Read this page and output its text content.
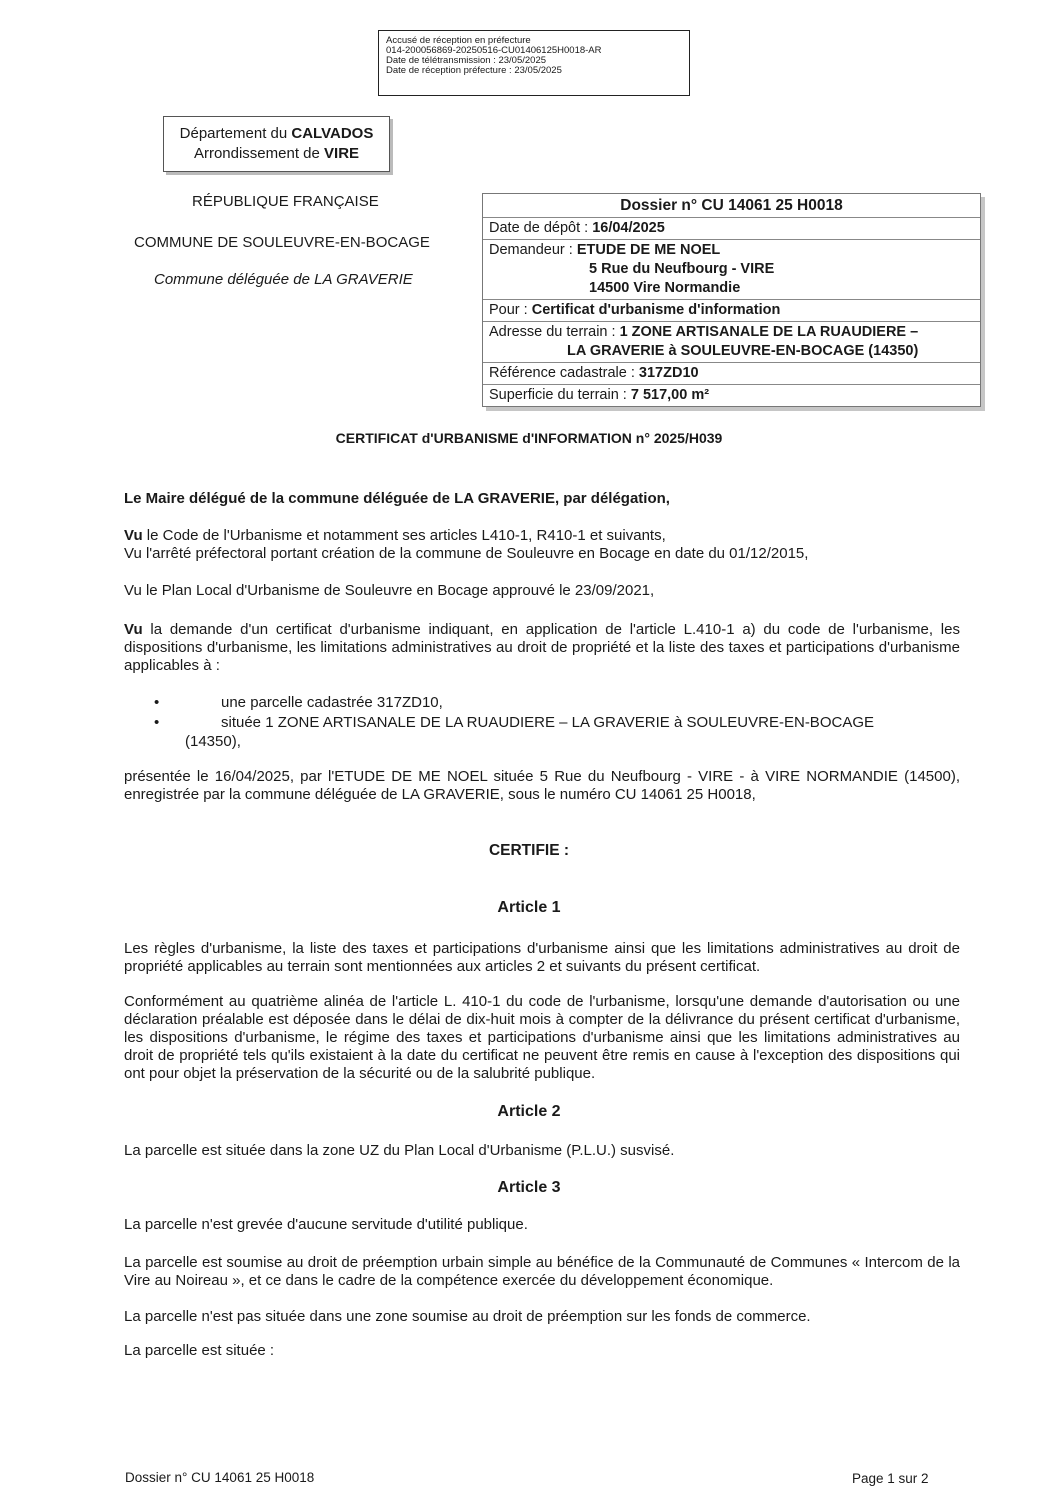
Accusé de réception en préfecture
014-200056869-20250516-CU01406125H0018-AR
Date de télétransmission : 23/05/2025
Date de réception préfecture : 23/05/2025
Département du CALVADOS
Arrondissement de VIRE
RÉPUBLIQUE FRANÇAISE
COMMUNE DE SOULEUVRE-EN-BOCAGE
Commune déléguée de LA GRAVERIE
Dossier n° CU 14061 25 H0018
Date de dépôt : 16/04/2025
Demandeur : ETUDE DE ME NOEL
5 Rue du Neufbourg - VIRE
14500 Vire Normandie
Pour : Certificat d'urbanisme d'information
Adresse du terrain : 1 ZONE ARTISANALE DE LA RUAUDIERE –
LA GRAVERIE à SOULEUVRE-EN-BOCAGE (14350)
Référence cadastrale : 317ZD10
Superficie du terrain : 7 517,00 m²
CERTIFICAT d'URBANISME d'INFORMATION n° 2025/H039
Le Maire délégué de la commune déléguée de LA GRAVERIE, par délégation,
Vu le Code de l'Urbanisme et notamment ses articles L410-1, R410-1 et suivants,
Vu l'arrêté préfectoral portant création de la commune de Souleuvre en Bocage en date du 01/12/2015,
Vu le Plan Local d'Urbanisme de Souleuvre en Bocage approuvé le 23/09/2021,
Vu la demande d'un certificat d'urbanisme indiquant, en application de l'article L.410-1 a) du code de l'urbanisme, les dispositions d'urbanisme, les limitations administratives au droit de propriété et la liste des taxes et participations d'urbanisme applicables à :
•	une parcelle cadastrée 317ZD10,
•	située 1 ZONE ARTISANALE DE LA RUAUDIERE – LA GRAVERIE à SOULEUVRE-EN-BOCAGE
(14350),
présentée le 16/04/2025, par l'ETUDE DE ME NOEL située 5 Rue du Neufbourg - VIRE - à VIRE NORMANDIE (14500), enregistrée par la commune déléguée de LA GRAVERIE, sous le numéro CU 14061 25 H0018,
CERTIFIE :
Article 1
Les règles d'urbanisme, la liste des taxes et participations d'urbanisme ainsi que les limitations administratives au droit de propriété applicables au terrain sont mentionnées aux articles 2 et suivants du présent certificat.
Conformément au quatrième alinéa de l'article L. 410-1 du code de l'urbanisme, lorsqu'une demande d'autorisation ou une déclaration préalable est déposée dans le délai de dix-huit mois à compter de la délivrance du présent certificat d'urbanisme, les dispositions d'urbanisme, le régime des taxes et participations d'urbanisme ainsi que les limitations administratives au droit de propriété tels qu'ils existaient à la date du certificat ne peuvent être remis en cause à l'exception des dispositions qui ont pour objet la préservation de la sécurité ou de la salubrité publique.
Article 2
La parcelle est située dans la zone UZ du Plan Local d'Urbanisme (P.L.U.) susvisé.
Article 3
La parcelle n'est grevée d'aucune servitude d'utilité publique.
La parcelle est soumise au droit de préemption urbain simple au bénéfice de la Communauté de Communes « Intercom de la Vire au Noireau », et ce dans le cadre de la compétence exercée du développement économique.
La parcelle n'est pas située dans une zone soumise au droit de préemption sur les fonds de commerce.
La parcelle est située :
Dossier n° CU 14061 25 H0018	Page 1 sur 2
